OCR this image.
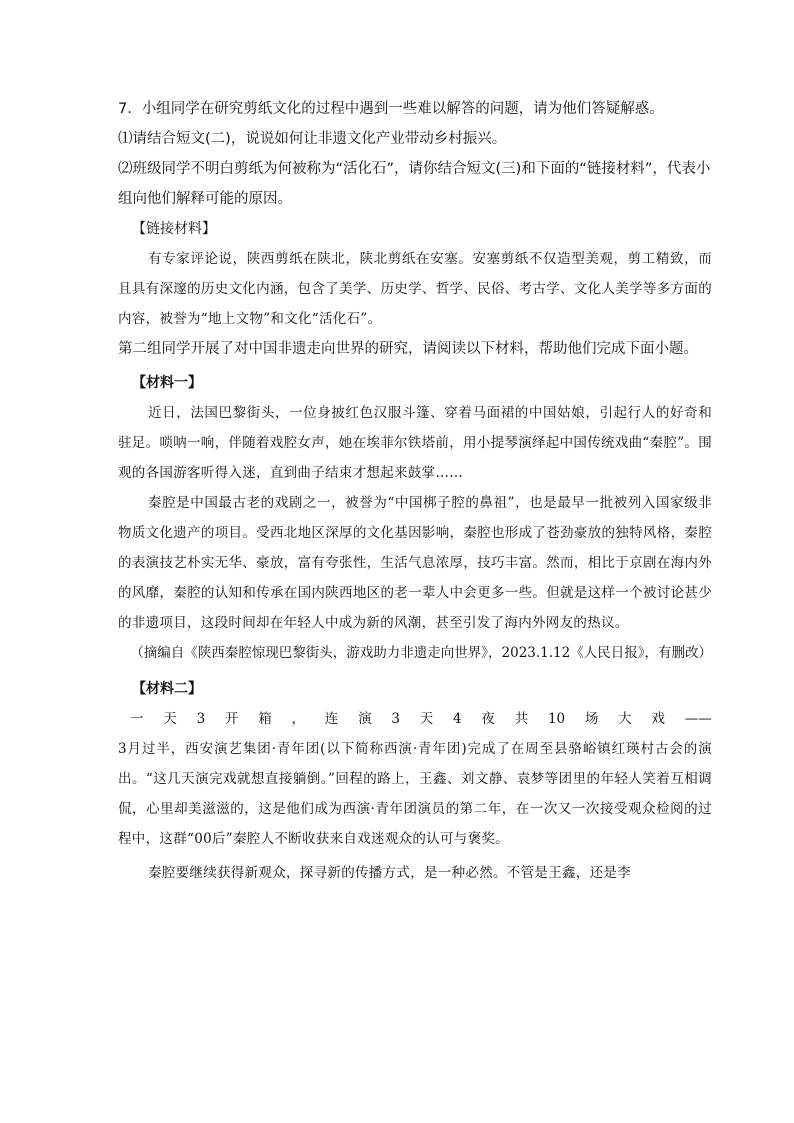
7．小组同学在研究剪纸文化的过程中遇到一些难以解答的问题，请为他们答疑解惑。

⑴请结合短文(二)，说说如何让非遗文化产业带动乡村振兴。

⑵班级同学不明白剪纸为何被称为“活化石”，请你结合短文(三)和下面的“链接材料”，代表小组向他们解释可能的原因。

【链接材料】

有专家评论说，陕西剪纸在陕北，陕北剪纸在安塞。安塞剪纸不仅造型美观，剪工精致，而且具有深邃的历史文化内涵，包含了美学、历史学、哲学、民俗、考古学、文化人美学等多方面的内容，被誉为“地上文物”和文化“活化石”。

第二组同学开展了对中国非遗走向世界的研究，请阅读以下材料，帮助他们完成下面小题。

【材料一】

近日，法国巴黎街头，一位身披红色汉服斗篷、穿着马面裙的中国姑娘，引起行人的好奇和驻足。唢呐一响，伴随着戏腔女声，她在埃菲尔铁塔前，用小提琴演绎起中国传统戏曲“秦腔”。围观的各国游客听得入迷，直到曲子结束才想起来鼓掌……

秦腔是中国最古老的戏剧之一，被誉为“中国梆子腔的鼻祖”，也是最早一批被列入国家级非物质文化遗产的项目。受西北地区深厚的文化基因影响，秦腔也形成了苍劲豪放的独特风格，秦腔的表演技艺朴实无华、豪放，富有夸张性，生活气息浓厚，技巧丰富。然而，相比于京剧在海内外的风靡，秦腔的认知和传承在国内陕西地区的老一辈人中会更多一些。但就是这样一个被讨论甚少的非遗项目，这段时间却在年轻人中成为新的风潮，甚至引发了海内外网友的热议。

（摘编自《陕西秦腔惊现巴黎街头，游戏助力非遗走向世界》，2023.1.12《人民日报》，有删改）

【材料二】

一 天 3 开 箱 ， 连 演 3 天 4 夜 共 10 场 大 戏 ——

3月过半，西安演艺集团·青年团(以下简称西演·青年团)完成了在周至县骆峪镇红瑛村古会的演出。“这几天演完戏就想直接躺倒。”回程的路上，王鑫、刘文静、袁梦等团里的年轻人笑着互相调侃，心里却美滋滋的，这是他们成为西演·青年团演员的第二年，在一次又一次接受观众检阅的过程中，这群“00后”秦腔人不断收获来自戏迷观众的认可与褒奖。

秦腔要继续获得新观众，探寻新的传播方式，是一种必然。不管是王鑫，还是李
